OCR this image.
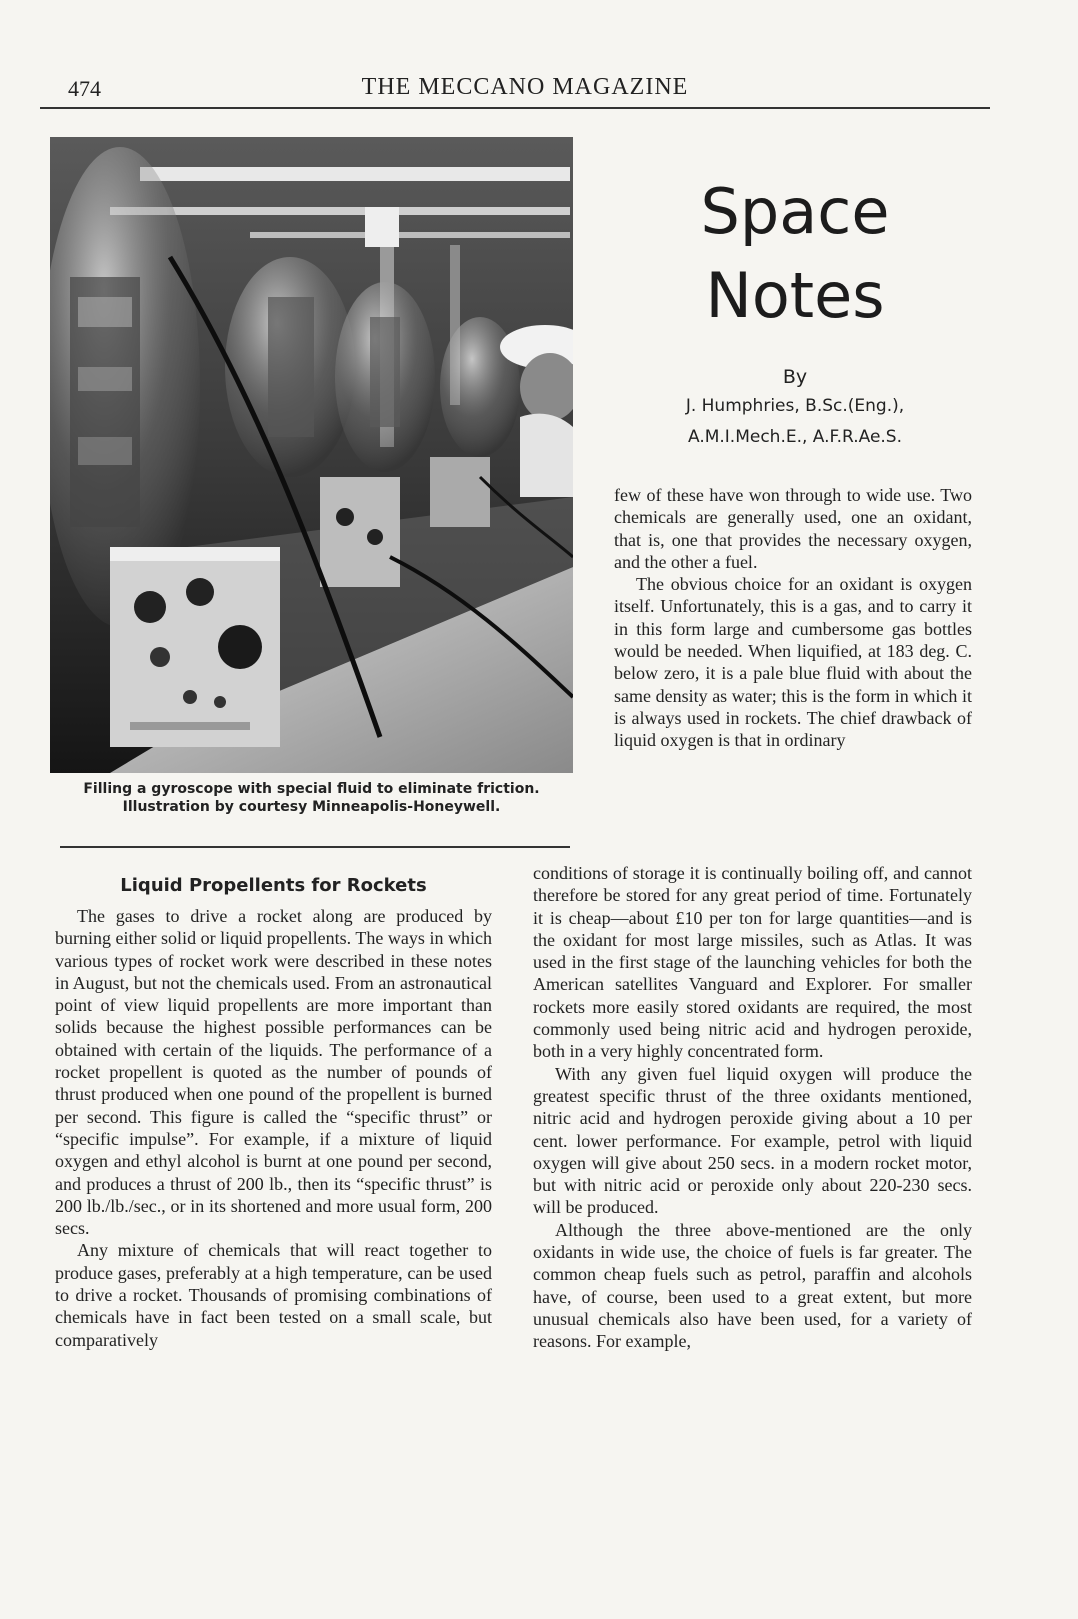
474	THE MECCANO MAGAZINE
Filling a gyroscope with special fluid to eliminate friction.
Illustration by courtesy Minneapolis-Honeywell.
Space
Notes
By
J. Humphries, B.Sc.(Eng.),
A.M.I.Mech.E., A.F.R.Ae.S.
Liquid Propellents for Rockets

The gases to drive a rocket along are produced by burning either solid or liquid propellents. The ways in which various types of rocket work were described in these notes in August, but not the chemicals used. From an astronautical point of view liquid propellents are more important than solids because the highest possible performances can be obtained with certain of the liquids. The performance of a rocket propellent is quoted as the number of pounds of thrust produced when one pound of the propellent is burned per second. This figure is called the “specific thrust” or “specific impulse”. For example, if a mixture of liquid oxygen and ethyl alcohol is burnt at one pound per second, and produces a thrust of 200 lb., then its “specific thrust” is 200 lb./lb./sec., or in its shortened and more usual form, 200 secs.

Any mixture of chemicals that will react together to produce gases, preferably at a high temperature, can be used to drive a rocket. Thousands of promising combinations of chemicals have in fact been tested on a small scale, but comparatively

few of these have won through to wide use. Two chemicals are generally used, one an oxidant, that is, one that provides the necessary oxygen, and the other a fuel.

The obvious choice for an oxidant is oxygen itself. Unfortunately, this is a gas, and to carry it in this form large and cumbersome gas bottles would be needed. When liquified, at 183 deg. C. below zero, it is a pale blue fluid with about the same density as water; this is the form in which it is always used in rockets. The chief drawback of liquid oxygen is that in ordinary

conditions of storage it is continually boiling off, and cannot therefore be stored for any great period of time. Fortunately it is cheap—about £10 per ton for large quantities—and is the oxidant for most large missiles, such as Atlas. It was used in the first stage of the launching vehicles for both the American satellites Vanguard and Explorer. For smaller rockets more easily stored oxidants are required, the most commonly used being nitric acid and hydrogen peroxide, both in a very highly concentrated form.

With any given fuel liquid oxygen will produce the greatest specific thrust of the three oxidants mentioned, nitric acid and hydrogen peroxide giving about a 10 per cent. lower performance. For example, petrol with liquid oxygen will give about 250 secs. in a modern rocket motor, but with nitric acid or peroxide only about 220-230 secs. will be produced.

Although the three above-mentioned are the only oxidants in wide use, the choice of fuels is far greater. The common cheap fuels such as petrol, paraffin and alcohols have, of course, been used to a great extent, but more unusual chemicals also have been used, for a variety of reasons. For example,
